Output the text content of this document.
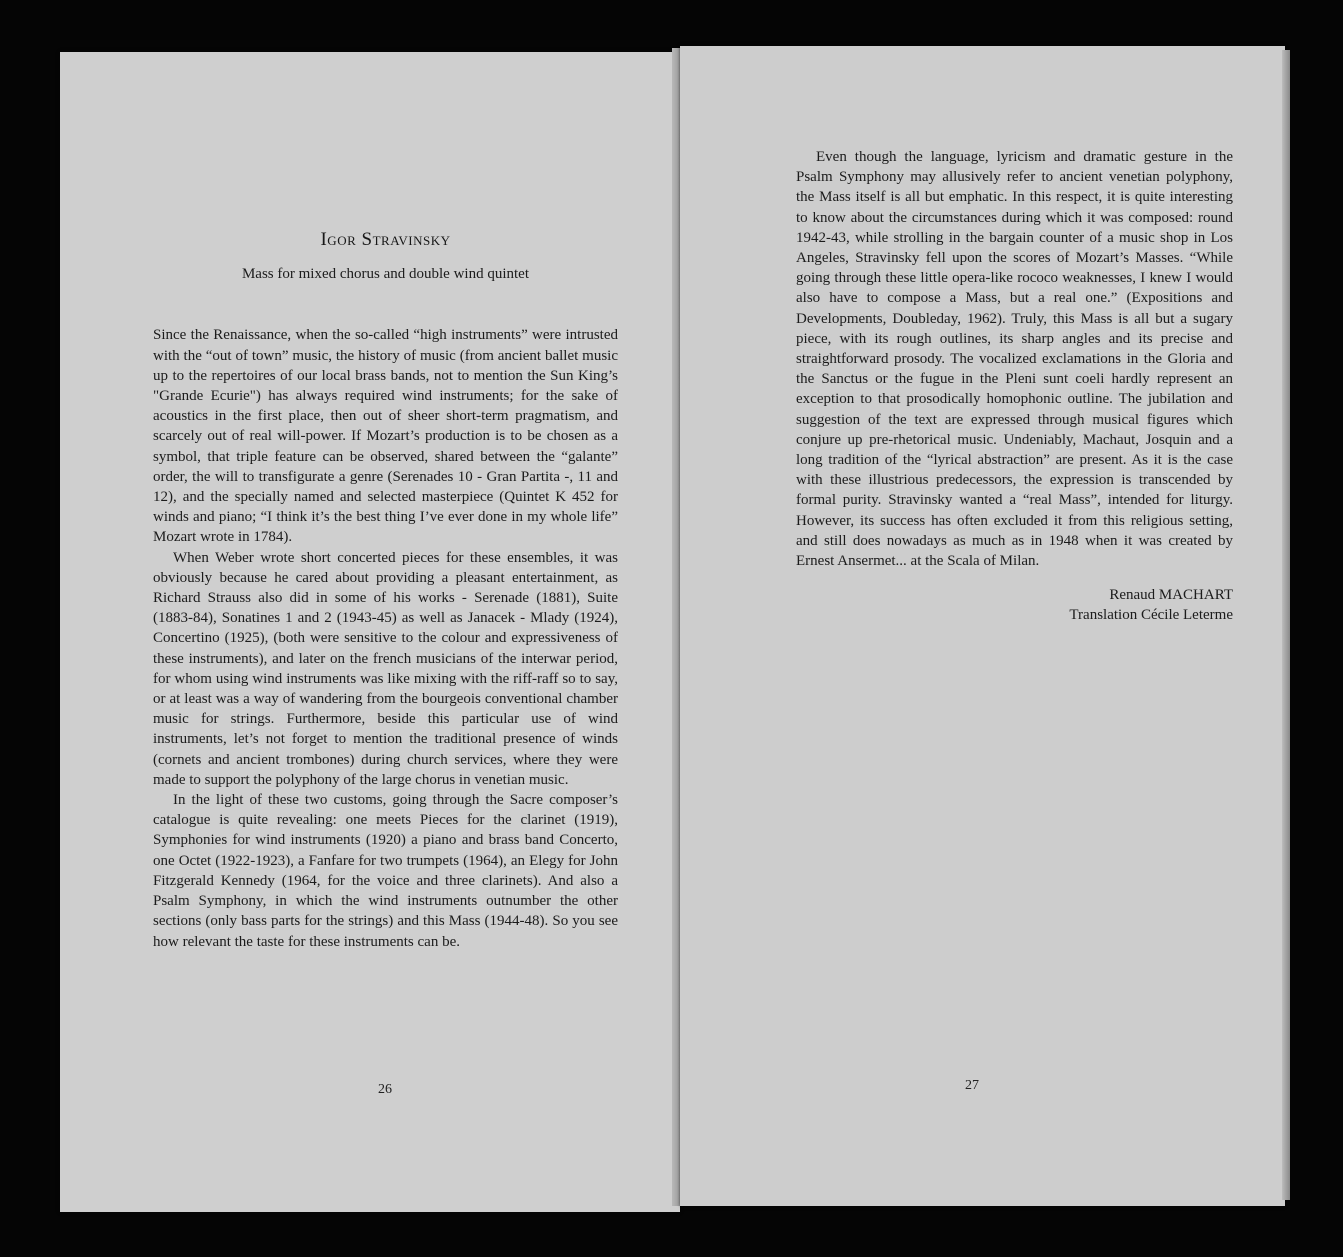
Igor Stravinsky
Mass for mixed chorus and double wind quintet

Since the Renaissance, when the so-called “high instruments” were intrusted with the “out of town” music, the history of music (from ancient ballet music up to the repertoires of our local brass bands, not to mention the Sun King’s "Grande Ecurie") has always required wind instruments; for the sake of acoustics in the first place, then out of sheer short-term pragmatism, and scarcely out of real will-power. If Mozart’s production is to be chosen as a symbol, that triple feature can be observed, shared between the “galante” order, the will to transfigurate a genre (Serenades 10 - Gran Partita -, 11 and 12), and the specially named and selected masterpiece (Quintet K 452 for winds and piano; “I think it’s the best thing I’ve ever done in my whole life” Mozart wrote in 1784).

When Weber wrote short concerted pieces for these ensembles, it was obviously because he cared about providing a pleasant entertainment, as Richard Strauss also did in some of his works - Serenade (1881), Suite (1883-84), Sonatines 1 and 2 (1943-45) as well as Janacek - Mlady (1924), Concertino (1925), (both were sensitive to the colour and expressiveness of these instruments), and later on the french musicians of the interwar period, for whom using wind instruments was like mixing with the riff-raff so to say, or at least was a way of wandering from the bourgeois conventional chamber music for strings. Furthermore, beside this particular use of wind instruments, let’s not forget to mention the traditional presence of winds (cornets and ancient trombones) during church services, where they were made to support the polyphony of the large chorus in venetian music.

In the light of these two customs, going through the Sacre composer’s catalogue is quite revealing: one meets Pieces for the clarinet (1919), Symphonies for wind instruments (1920) a piano and brass band Concerto, one Octet (1922-1923), a Fanfare for two trumpets (1964), an Elegy for John Fitzgerald Kennedy (1964, for the voice and three clarinets). And also a Psalm Symphony, in which the wind instruments outnumber the other sections (only bass parts for the strings) and this Mass (1944-48). So you see how relevant the taste for these instruments can be.

26

Even though the language, lyricism and dramatic gesture in the Psalm Symphony may allusively refer to ancient venetian polyphony, the Mass itself is all but emphatic. In this respect, it is quite interesting to know about the circumstances during which it was composed: round 1942-43, while strolling in the bargain counter of a music shop in Los Angeles, Stravinsky fell upon the scores of Mozart’s Masses. “While going through these little opera-like rococo weaknesses, I knew I would also have to compose a Mass, but a real one.” (Expositions and Developments, Doubleday, 1962). Truly, this Mass is all but a sugary piece, with its rough outlines, its sharp angles and its precise and straightforward prosody. The vocalized exclamations in the Gloria and the Sanctus or the fugue in the Pleni sunt coeli hardly represent an exception to that prosodically homophonic outline. The jubilation and suggestion of the text are expressed through musical figures which conjure up pre-rhetorical music. Undeniably, Machaut, Josquin and a long tradition of the “lyrical abstraction” are present. As it is the case with these illustrious predecessors, the expression is transcended by formal purity. Stravinsky wanted a “real Mass”, intended for liturgy. However, its success has often excluded it from this religious setting, and still does nowadays as much as in 1948 when it was created by Ernest Ansermet... at the Scala of Milan.

Renaud MACHART
Translation Cécile Leterme
27
